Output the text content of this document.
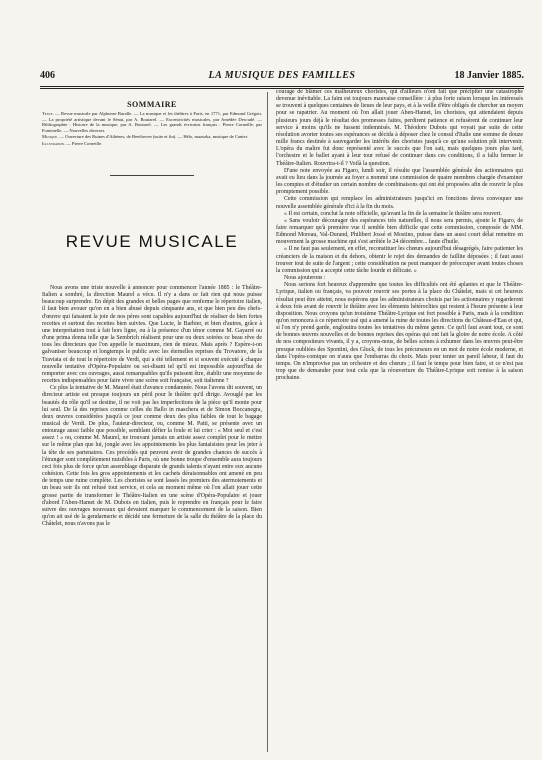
406	LA MUSIQUE DES FAMILLES	18 Janvier 1885.
SOMMAIRE

Texte. — Revue musicale par Alphonse Baralle. — La musique et les théâtres à Paris, en 1771, par Edmond Grégoir. — La propriété artistique devant le Sénat, par A. Boutarel. — Excentricités musicales, par Amédée Descudé. — Bibliographie : Histoire de la musique, par A. Boutarel. — Les grands écrivains français : Pierre Corneille, par Fontenelle. — Nouvelles diverses.

Musique. — Ouverture des Ruines d'Athènes, de Beethoven (suite et fin). — Hélo, mazurka, musique de Canier.

Illustration. — Pierre Corneille.

REVUE MUSICALE

Nous avons une triste nouvelle à annoncer pour commencer l'année 1885 : le Théâtre-Italien a sombré, la direction Maurel a vécu. Il n'y a dans ce fait rien qui nous puisse beaucoup surprendre. En dépit des grandes et belles pages que renferme le répertoire italien, il faut bien avouer qu'on en a bien abusé depuis cinquante ans, et que bien peu des chefs-d'œuvre qui faisaient la joie de nos pères sont capables aujourd'hui de réaliser de bien fortes recettes et surtout des recettes bien suivies. Que Lucie, le Barbier, et bien d'autres, grâce à une interprétation tout à fait hors ligne, ou à la présence d'un ténor comme M. Gayarré ou d'une prima donna telle que la Sembrich réalisent pour une ou deux soirées ce beau rêve de tous les directeurs que l'on appelle le maximum, rien de mieux. Mais après ? Espère-t-on galvaniser beaucoup et longtemps le public avec les éternelles reprises du Trovatore, de la Traviata et de tout le répertoire de Verdi, qui a été tellement et si souvent exécuté à chaque nouvelle tentative d'Opéra-Populaire ou soi-disant tel qu'il est impossible aujourd'hui de remporter avec ces ouvrages, aussi remarquables qu'ils puissent être, établir une moyenne de recettes indispensables pour faire vivre une scène soit française, soit italienne ?

Ce plus la tentative de M. Maurel était d'avance condamnée. Nous l'avons dit souvent, un directeur artiste est presque toujours un péril pour le théâtre qu'il dirige. Avouglé par les beautés du rôle qu'il se destine, il ne voit pas les imperfections de la pièce qu'il monte pour lui seul. De là des reprises comme celles du Ballo in maschera et de Simon Boccanegra, deux œuvres considérées jusqu'à ce jour comme deux des plus faibles de tout le bagage musical de Verdi. De plus, l'auteur-directeur, ou, comme M. Patti, se présente avec un entourage aussi faible que possible, semblant défier la foule et lui crier : « Moi seul et c'est assez ! » ou, comme M. Maurel, ne trouvant jamais un artiste assez complet pour le mettre sur le même plan que lui, jongle avec les appointements les plus fantaisistes pour les jeter à la tête de ses partenaires. Ces procédés qui peuvent avoir de grandes chances de succès à l'étranger sont complètement nuisibles à Paris, où une bonne troupe d'ensemble aura toujours ceci fois plus de force qu'un assemblage disparate de grands talents n'ayant entre eux aucune cohésion. Cette fois les gros appointements et les cachets déraisonnables ont amené en peu de temps une ruine complète. Les choristes se sont lassés les premiers des atermoiements et un beau soir ils ont refusé tout service, et cela au moment même où l'on allait jouer cette grosse partie de transformer le Théâtre-Italien en une scène d'Opéra-Populaire et jouer d'abord l'Aben-Hamet de M. Dubois en italien, puis le reprendre en français pour le faire suivre des ouvrages nouveaux qui devaient marquer le commencement de la saison. Bien qu'on ait usé de la gendarmerie et décidé une fermeture de la salle du théâtre de la place du Châtelet, nous n'avons pas le

courage de blâmer ces malheureux choristes, qui d'ailleurs n'ont fait que précipiter une catastrophe devenue inévitable. La faim est toujours mauvaise conseillère : à plus forte raison lorsque les intéressés se trouvent à quelques centaines de lieues de leur pays, et à la veille d'être obligés de chercher un moyen pour se rapatrier. Au moment où l'on allait jouer Aben-Hamet, les choristes, qui attendaient depuis plusieurs jours déjà le résultat des promesses faites, perdirent patience et refusèrent de continuer leur service à moins qu'ils ne fussent indemnisés. M. Théodore Dubois qui voyait par suite de cette résolution avorter toutes ses espérances se décida à déposer chez le consul d'Italie une somme de douze mille francs destinée à sauvegarder les intérêts des choristes jusqu'à ce qu'une solution pût intervenir. L'opéra du maître fut donc représenté avec le succès que l'on sait, mais quelques jours plus tard, l'orchestre et le ballet ayant à leur tour refusé de continuer dans ces conditions, il a fallu fermer le Théâtre-Italien. Rouvrira-t-il ? Voilà la question.

D'une note envoyée au Figaro, lundi soir, il résulte que l'assemblée générale des actionnaires qui avait eu lieu dans la journée au foyer a nommé une commission de quatre membres chargée d'examiner les comptes et d'étudier un certain nombre de combinaisons qui ont été proposées afin de rouvrir le plus promptement possible.

Cette commission qui remplace les administrateurs jusqu'ici en fonctions devra convoquer une nouvelle assemblée générale d'ici à la fin du mois.

« Il est certain, conclut la note officielle, qu'avant la fin de la semaine le théâtre sera rouvert.

« Sans vouloir décourager des espérances très naturelles, il nous sera permis, ajoute le Figaro, de faire remarquer qu'à première vue il semble bien difficile que cette commission, composée de MM. Edmond Moreau, Val-Durand, Philibert Jossé et Mostino, puisse dans un aussi court délai remettre en mouvement la grosse machine qui s'est arrêtée le 24 décembre... faute d'huile.

« Il ne faut pas seulement, en effet, reconstituer les chœurs aujourd'hui désagrégés, faire patienter les créanciers de la maison et du dehors, obtenir le rejet des demandes de faillite déposées ; il faut aussi trouver tout de suite de l'argent ; cette considération ne peut manquer de préoccuper avant toutes choses la commission qui a accepté cette tâche lourde et délicate. »

Nous ajouterons :

Nous serions fort heureux d'apprendre que toutes les difficultés ont été aplanies et que le Théâtre-Lyrique, italien ou français, va pouvoir rouvrir ses portes à la place du Châtelet, mais si cet heureux résultat peut être atteint, nous espérons que les administrateurs choisis par les actionnaires y regarderont à deux fois avant de rouvrir le théâtre avec les éléments hétéroclites qui restent à l'heure présente à leur disposition. Nous croyons qu'un troisième Théâtre-Lyrique est fort possible à Paris, mais à la condition qu'on renoncera à ce répertoire usé qui a amené la ruine de toutes les directions du Château-d'Eau et qui, si l'on n'y prend garde, engloutira toutes les tentatives du même genre. Ce qu'il faut avant tout, ce sont de bonnes œuvres nouvelles et de bonnes reprises des opéras qui ont fait la gloire de notre école. A côté de nos compositeurs vivants, il y a, croyons-nous, de belles scènes à exhumer dans les œuvres peut-être presque oubliées des Spontini, des Gluck, de tous les précurseurs en un mot de notre école moderne, et dans l'opéra-comique on n'aura que l'embarras du choix. Mais pour tenter un pareil labeur, il faut du temps. On n'improvise pas un orchestre et des chœurs ; il faut le temps pour bien faire, et ce n'est pas trop que de demander pour tout cela que la réouverture du Théâtre-Lyrique soit remise à la saison prochaine.
